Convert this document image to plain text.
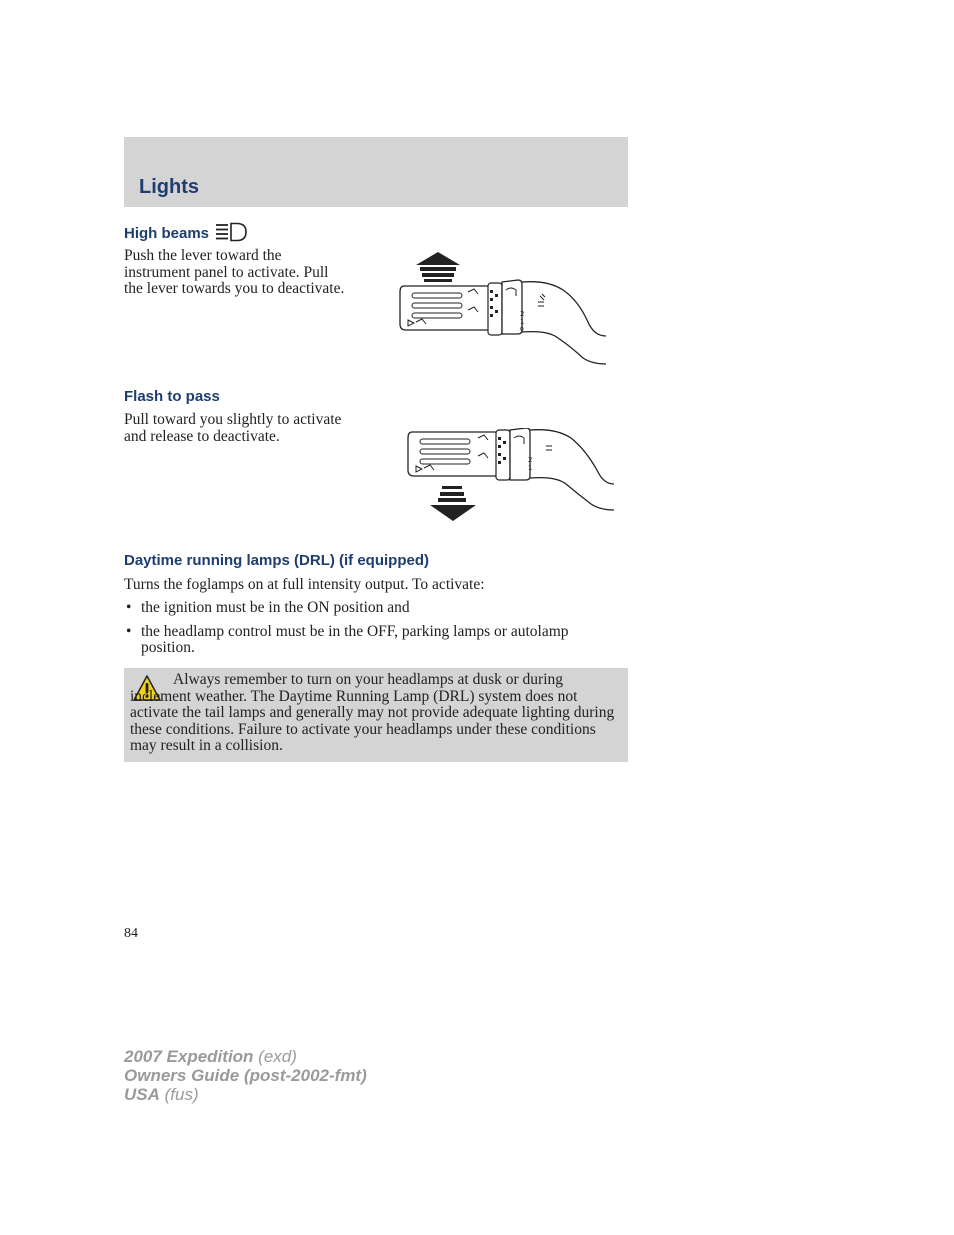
Lights
High beams
Push the lever toward the
instrument panel to activate. Pull
the lever towards you to deactivate.
2
1
0
Flash to pass
Pull toward you slightly to activate
and release to deactivate.
2
1
Daytime running lamps (DRL) (if equipped)
Turns the foglamps on at full intensity output. To activate:
• the ignition must be in the ON position and
• the headlamp control must be in the OFF, parking lamps or autolamp position.

Always remember to turn on your headlamps at dusk or during inclement weather. The Daytime Running Lamp (DRL) system does not activate the tail lamps and generally may not provide adequate lighting during these conditions. Failure to activate your headlamps under these conditions may result in a collision.

84
2007 Expedition (exd)
Owners Guide (post-2002-fmt)
USA (fus)
